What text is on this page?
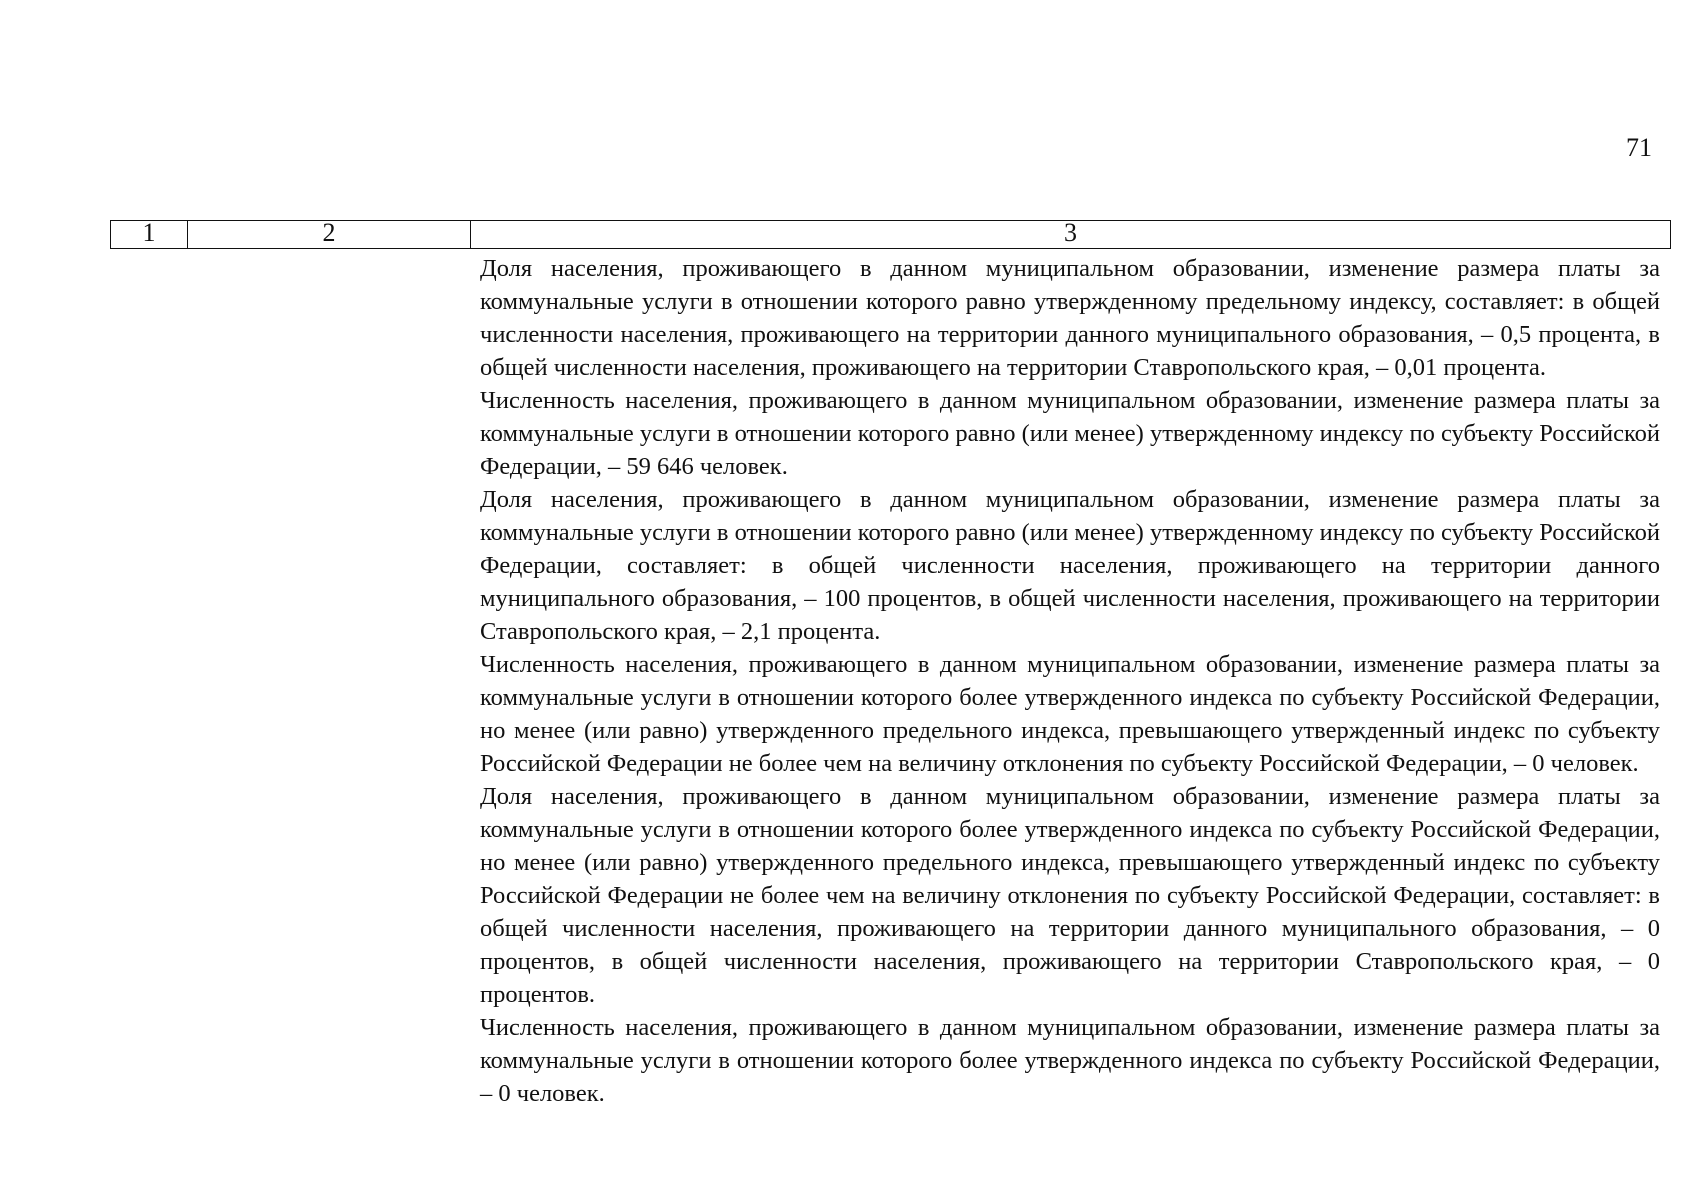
71
1	2	3

Доля населения, проживающего в данном муниципальном образовании, изменение размера платы за коммунальные услуги в отношении которого равно утвержденному предельному индексу, составляет: в общей численности населения, проживающего на территории данного муниципального образования, – 0,5 процента, в общей численности населения, проживающего на территории Ставропольского края, – 0,01 процента.

Численность населения, проживающего в данном муниципальном образовании, изменение размера платы за коммунальные услуги в отношении которого равно (или менее) утвержденному индексу по субъекту Российской Федерации, – 59 646 человек.

Доля населения, проживающего в данном муниципальном образовании, изменение размера платы за коммунальные услуги в отношении которого равно (или менее) утвержденному индексу по субъекту Российской Федерации, составляет: в общей численности населения, проживающего на территории данного муниципального образования, – 100 процентов, в общей численности населения, проживающего на территории Ставропольского края, – 2,1 процента.

Численность населения, проживающего в данном муниципальном образовании, изменение размера платы за коммунальные услуги в отношении которого более утвержденного индекса по субъекту Российской Федерации, но менее (или равно) утвержденного предельного индекса, превышающего утвержденный индекс по субъекту Российской Федерации не более чем на величину отклонения по субъекту Российской Федерации, – 0 человек.

Доля населения, проживающего в данном муниципальном образовании, изменение размера платы за коммунальные услуги в отношении которого более утвержденного индекса по субъекту Российской Федерации, но менее (или равно) утвержденного предельного индекса, превышающего утвержденный индекс по субъекту Российской Федерации не более чем на величину отклонения по субъекту Российской Федерации, составляет: в общей численности населения, проживающего на территории данного муниципального образования, – 0 процентов, в общей численности населения, проживающего на территории Ставропольского края, – 0 процентов.

Численность населения, проживающего в данном муниципальном образовании, изменение размера платы за коммунальные услуги в отношении которого более утвержденного индекса по субъекту Российской Федерации, – 0 человек.
